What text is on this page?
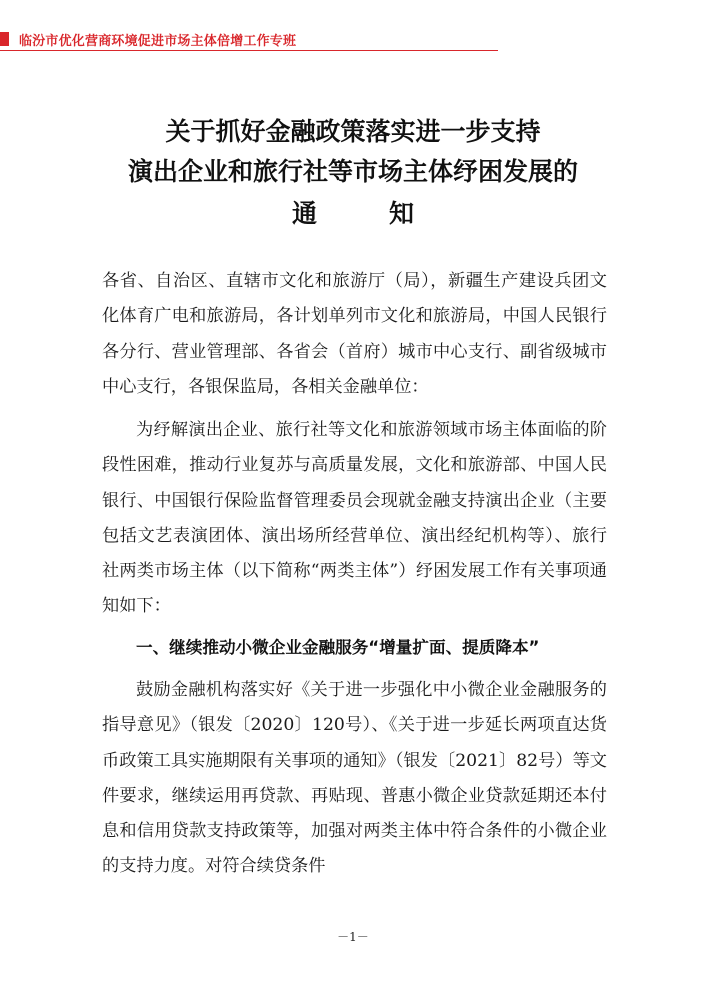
临汾市优化营商环境促进市场主体倍增工作专班
关于抓好金融政策落实进一步支持
演出企业和旅行社等市场主体纾困发展的
通	知
各省、自治区、直辖市文化和旅游厅（局），新疆生产建设兵团文化体育广电和旅游局，各计划单列市文化和旅游局，中国人民银行各分行、营业管理部、各省会（首府）城市中心支行、副省级城市中心支行，各银保监局，各相关金融单位：
为纾解演出企业、旅行社等文化和旅游领域市场主体面临的阶段性困难，推动行业复苏与高质量发展，文化和旅游部、中国人民银行、中国银行保险监督管理委员会现就金融支持演出企业（主要包括文艺表演团体、演出场所经营单位、演出经纪机构等）、旅行社两类市场主体（以下简称“两类主体”）纾困发展工作有关事项通知如下：
一、继续推动小微企业金融服务“增量扩面、提质降本”
鼓励金融机构落实好《关于进一步强化中小微企业金融服务的指导意见》（银发〔2020〕120号）、《关于进一步延长两项直达货币政策工具实施期限有关事项的通知》（银发〔2021〕82号）等文件要求，继续运用再贷款、再贴现、普惠小微企业贷款延期还本付息和信用贷款支持政策等，加强对两类主体中符合条件的小微企业的支持力度。对符合续贷条件
－1－
